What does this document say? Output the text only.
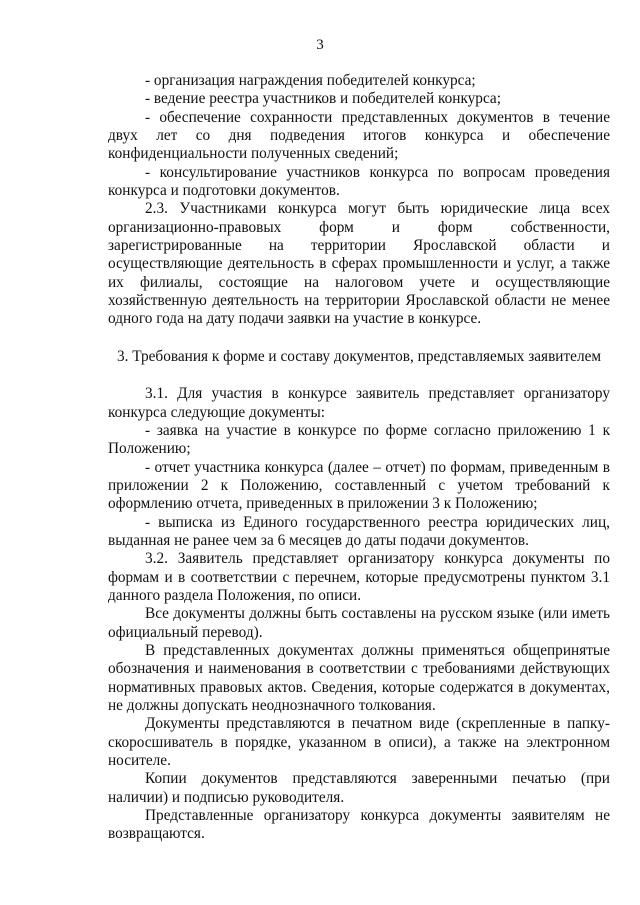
3

- организация награждения победителей конкурса;

- ведение реестра участников и победителей конкурса;

- обеспечение сохранности представленных документов в течение двух лет со дня подведения итогов конкурса и обеспечение конфиденциальности полученных сведений;

- консультирование участников конкурса по вопросам проведения конкурса и подготовки документов.

2.3. Участниками конкурса могут быть юридические лица всех организационно-правовых форм и форм собственности, зарегистрированные на территории Ярославской области и осуществляющие деятельность в сферах промышленности и услуг, а также их филиалы, состоящие на налоговом учете и осуществляющие хозяйственную деятельность на территории Ярославской области не менее одного года на дату подачи заявки на участие в конкурсе.

3. Требования к форме и составу документов, представляемых заявителем

3.1. Для участия в конкурсе заявитель представляет организатору конкурса следующие документы:

- заявка на участие в конкурсе по форме согласно приложению 1 к Положению;

- отчет участника конкурса (далее – отчет) по формам, приведенным в приложении 2 к Положению, составленный с учетом требований к оформлению отчета, приведенных в приложении 3 к Положению;

- выписка из Единого государственного реестра юридических лиц, выданная не ранее чем за 6 месяцев до даты подачи документов.

3.2. Заявитель представляет организатору конкурса документы по формам и в соответствии с перечнем, которые предусмотрены пунктом 3.1 данного раздела Положения, по описи.

Все документы должны быть составлены на русском языке (или иметь официальный перевод).

В представленных документах должны применяться общепринятые обозначения и наименования в соответствии с требованиями действующих нормативных правовых актов. Сведения, которые содержатся в документах, не должны допускать неоднозначного толкования.

Документы представляются в печатном виде (скрепленные в папку-скоросшиватель в порядке, указанном в описи), а также на электронном носителе.

Копии документов представляются заверенными печатью (при наличии) и подписью руководителя.

Представленные организатору конкурса документы заявителям не возвращаются.
